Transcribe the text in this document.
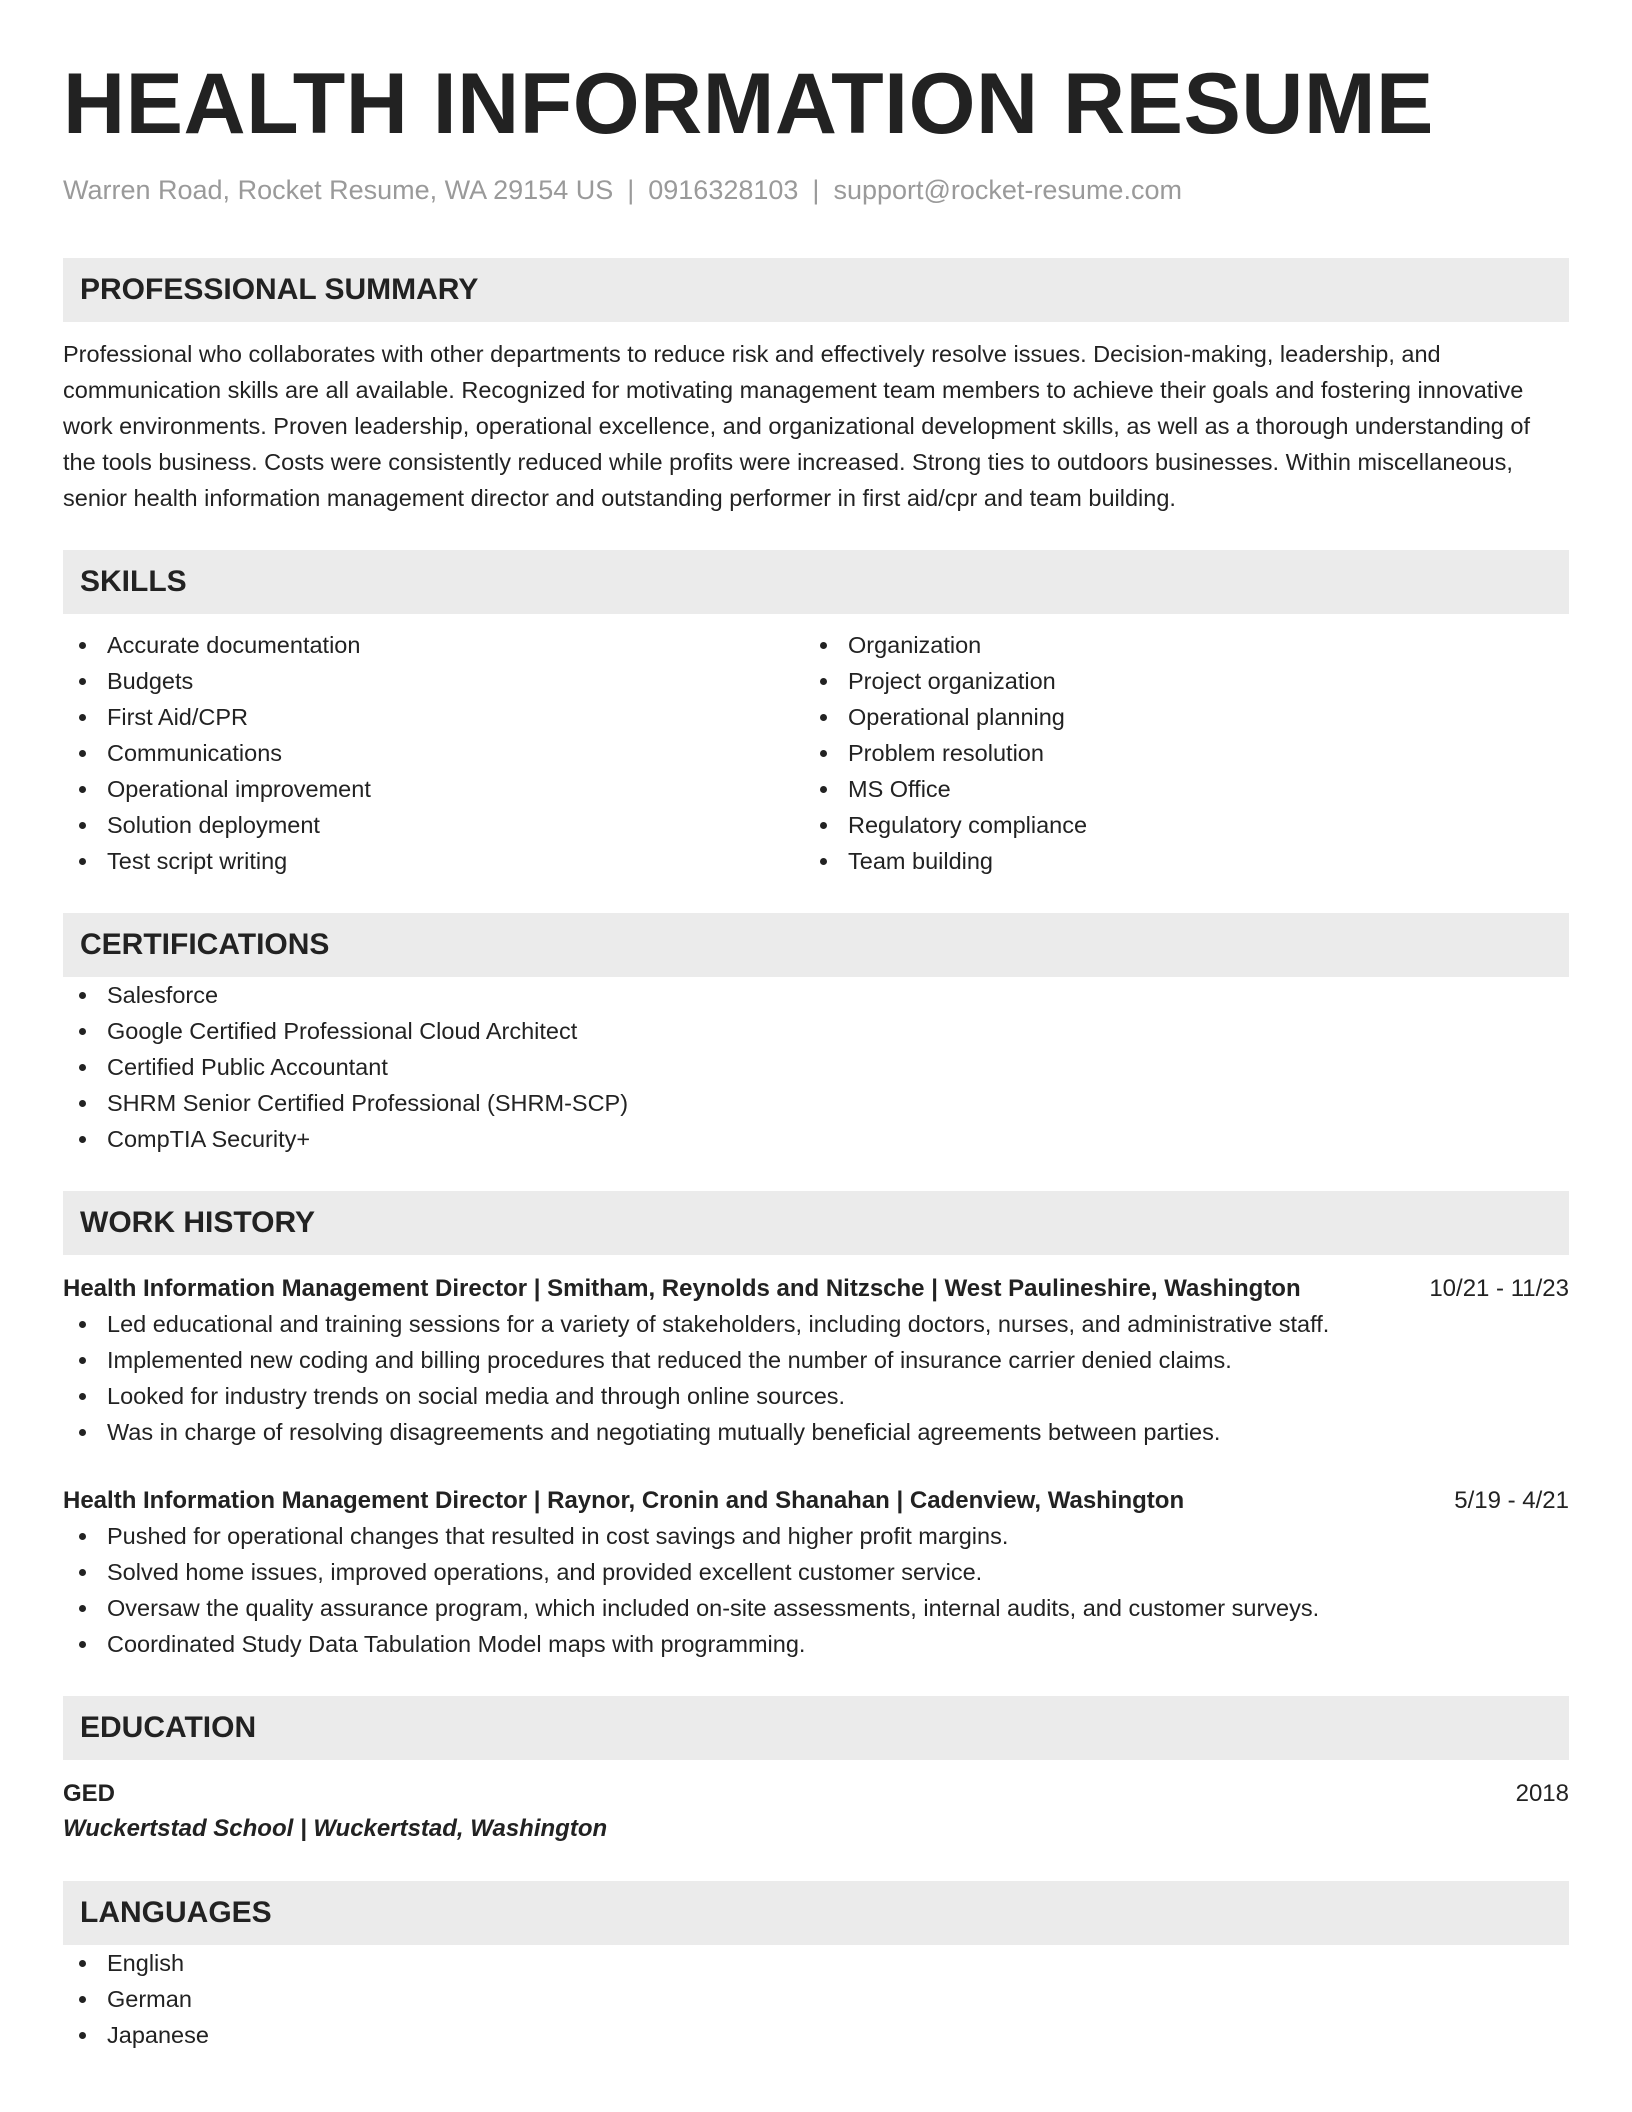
HEALTH INFORMATION RESUME
Warren Road, Rocket Resume, WA 29154 US | 0916328103 | support@rocket-resume.com
PROFESSIONAL SUMMARY
Professional who collaborates with other departments to reduce risk and effectively resolve issues. Decision-making, leadership, and communication skills are all available. Recognized for motivating management team members to achieve their goals and fostering innovative work environments. Proven leadership, operational excellence, and organizational development skills, as well as a thorough understanding of the tools business. Costs were consistently reduced while profits were increased. Strong ties to outdoors businesses. Within miscellaneous, senior health information management director and outstanding performer in first aid/cpr and team building.
SKILLS
Accurate documentation
Budgets
First Aid/CPR
Communications
Operational improvement
Solution deployment
Test script writing
Organization
Project organization
Operational planning
Problem resolution
MS Office
Regulatory compliance
Team building
CERTIFICATIONS
Salesforce
Google Certified Professional Cloud Architect
Certified Public Accountant
SHRM Senior Certified Professional (SHRM-SCP)
CompTIA Security+
WORK HISTORY
Health Information Management Director | Smitham, Reynolds and Nitzsche | West Paulineshire, Washington	10/21 - 11/23
Led educational and training sessions for a variety of stakeholders, including doctors, nurses, and administrative staff.
Implemented new coding and billing procedures that reduced the number of insurance carrier denied claims.
Looked for industry trends on social media and through online sources.
Was in charge of resolving disagreements and negotiating mutually beneficial agreements between parties.
Health Information Management Director | Raynor, Cronin and Shanahan | Cadenview, Washington	5/19 - 4/21
Pushed for operational changes that resulted in cost savings and higher profit margins.
Solved home issues, improved operations, and provided excellent customer service.
Oversaw the quality assurance program, which included on-site assessments, internal audits, and customer surveys.
Coordinated Study Data Tabulation Model maps with programming.
EDUCATION
GED	2018
Wuckertstad School | Wuckertstad, Washington
LANGUAGES
English
German
Japanese
